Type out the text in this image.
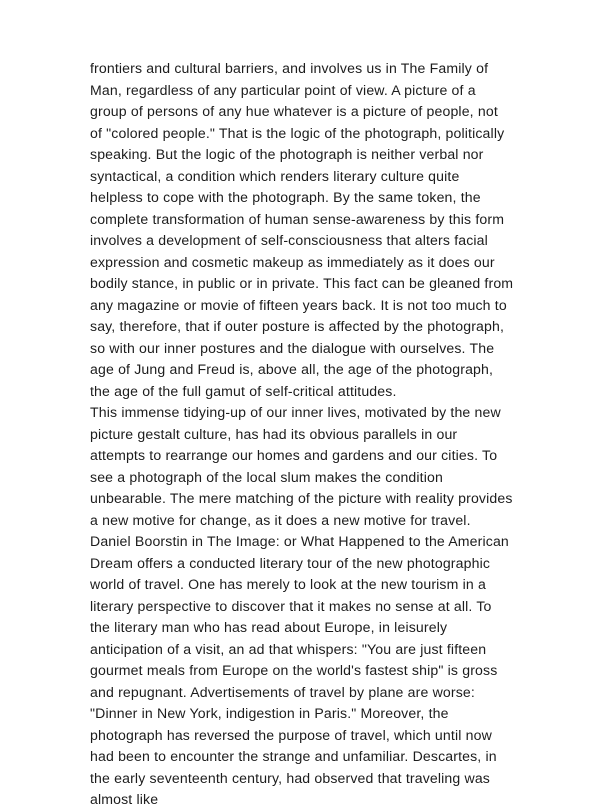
frontiers and cultural barriers, and involves us in The Family of Man, regardless of any particular point of view. A picture of a group of persons of any hue whatever is a picture of people, not of "colored people." That is the logic of the photograph, politically speaking. But the logic of the photograph is neither verbal nor syntactical, a condition which renders literary culture quite helpless to cope with the photograph. By the same token, the complete transformation of human sense-awareness by this form involves a development of self-consciousness that alters facial expression and cosmetic makeup as immediately as it does our bodily stance, in public or in private. This fact can be gleaned from any magazine or movie of fifteen years back. It is not too much to say, therefore, that if outer posture is affected by the photograph, so with our inner postures and the dialogue with ourselves. The age of Jung and Freud is, above all, the age of the photograph, the age of the full gamut of self-critical attitudes.

This immense tidying-up of our inner lives, motivated by the new picture gestalt culture, has had its obvious parallels in our attempts to rearrange our homes and gardens and our cities. To see a photograph of the local slum makes the condition unbearable. The mere matching of the picture with reality provides a new motive for change, as it does a new motive for travel.

Daniel Boorstin in The Image: or What Happened to the American Dream offers a conducted literary tour of the new photographic world of travel. One has merely to look at the new tourism in a literary perspective to discover that it makes no sense at all. To the literary man who has read about Europe, in leisurely anticipation of a visit, an ad that whispers: "You are just fifteen gourmet meals from Europe on the world's fastest ship" is gross and repugnant. Advertisements of travel by plane are worse: "Dinner in New York, indigestion in Paris." Moreover, the photograph has reversed the purpose of travel, which until now had been to encounter the strange and unfamiliar. Descartes, in the early seventeenth century, had observed that traveling was almost like
